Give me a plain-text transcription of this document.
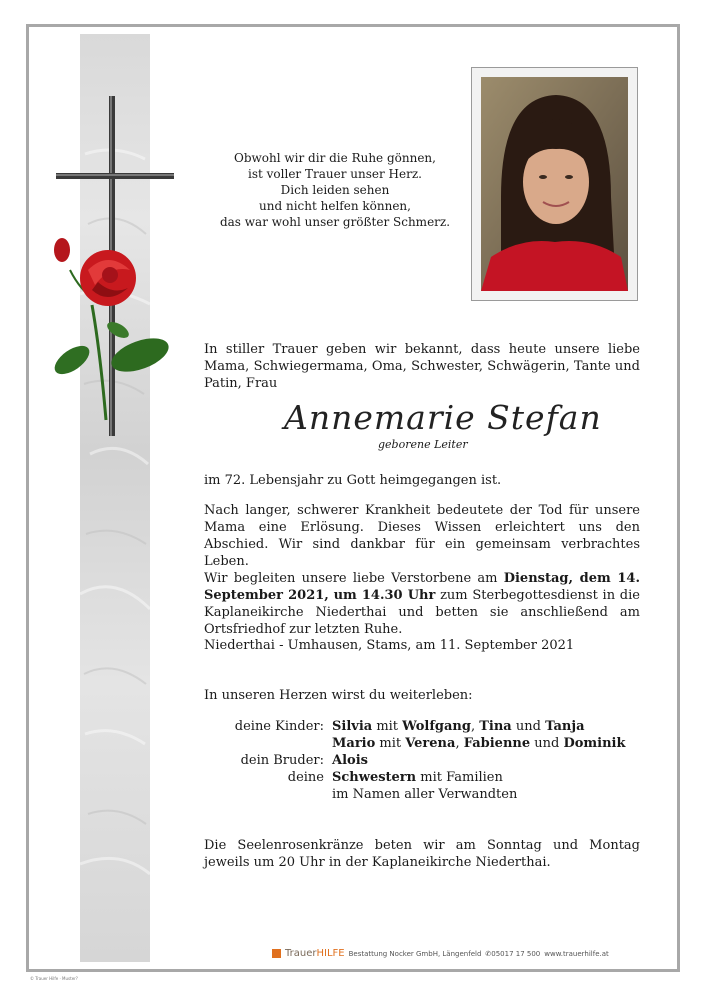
Obwohl wir dir die Ruhe gönnen,
ist voller Trauer unser Herz.
Dich leiden sehen
und nicht helfen können,
das war wohl unser größter Schmerz.
In stiller Trauer geben wir bekannt, dass heute unsere liebe Mama, Schwiegermama, Oma, Schwester, Schwägerin, Tante und Patin, Frau
Annemarie Stefan
geborene Leiter
im 72. Lebensjahr zu Gott heimgegangen ist.
Nach langer, schwerer Krankheit bedeutete der Tod für unsere Mama eine Erlösung. Dieses Wissen erleichtert uns den Abschied. Wir sind dankbar für ein gemeinsam verbrachtes Leben.
Wir begleiten unsere liebe Verstorbene am Dienstag, dem 14. September 2021, um 14.30 Uhr zum Sterbegottesdienst in die Kaplaneikirche Niederthai und betten sie anschließend am Ortsfriedhof zur letzten Ruhe.
Niederthai - Umhausen, Stams, am 11. September 2021
In unseren Herzen wirst du weiterleben:
deine Kinder: Silvia mit Wolfgang, Tina und Tanja
Mario mit Verena, Fabienne und Dominik
dein Bruder: Alois
deine Schwestern mit Familien
im Namen aller Verwandten
Die Seelenrosenkränze beten wir am Sonntag und Montag jeweils um 20 Uhr in der Kaplaneikirche Niederthai.
TrauerHILFE Bestattung Nocker GmbH, Längenfeld ✆05017 17 500 www.trauerhilfe.at
© Trauer Hilfe · Muster?
